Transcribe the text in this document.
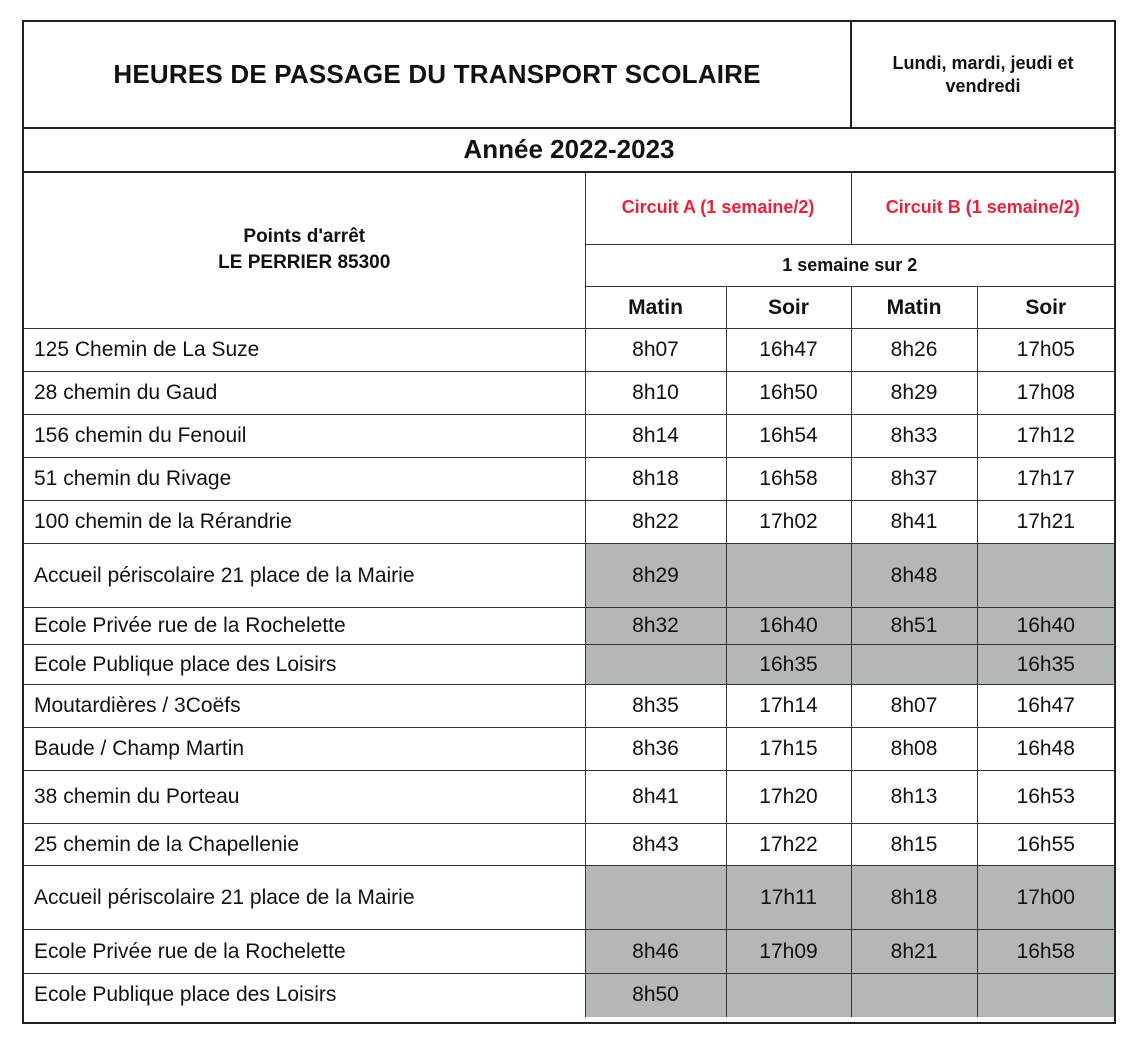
HEURES DE PASSAGE DU TRANSPORT SCOLAIRE	Lundi, mardi, jeudi et
vendredi
Année 2022-2023
Points d'arrêt
LE PERRIER 85300	Circuit A (1 semaine/2)		Circuit B (1 semaine/2)	
	1 semaine sur 2			
	Matin	Soir	Matin	Soir
125 Chemin de La Suze	8h07	16h47	8h26	17h05
28 chemin du Gaud	8h10	16h50	8h29	17h08
156 chemin du Fenouil	8h14	16h54	8h33	17h12
51 chemin du Rivage	8h18	16h58	8h37	17h17
100 chemin de la Rérandrie	8h22	17h02	8h41	17h21
Accueil périscolaire 21 place de la Mairie	8h29		8h48	
Ecole Privée rue de la Rochelette	8h32	16h40	8h51	16h40
Ecole Publique place des Loisirs		16h35		16h35
Moutardières / 3Coëfs	8h35	17h14	8h07	16h47
Baude / Champ Martin	8h36	17h15	8h08	16h48
38 chemin du Porteau	8h41	17h20	8h13	16h53
25 chemin de la Chapellenie	8h43	17h22	8h15	16h55
Accueil périscolaire 21 place de la Mairie		17h11	8h18	17h00
Ecole Privée rue de la Rochelette	8h46	17h09	8h21	16h58
Ecole Publique place des Loisirs	8h50			
